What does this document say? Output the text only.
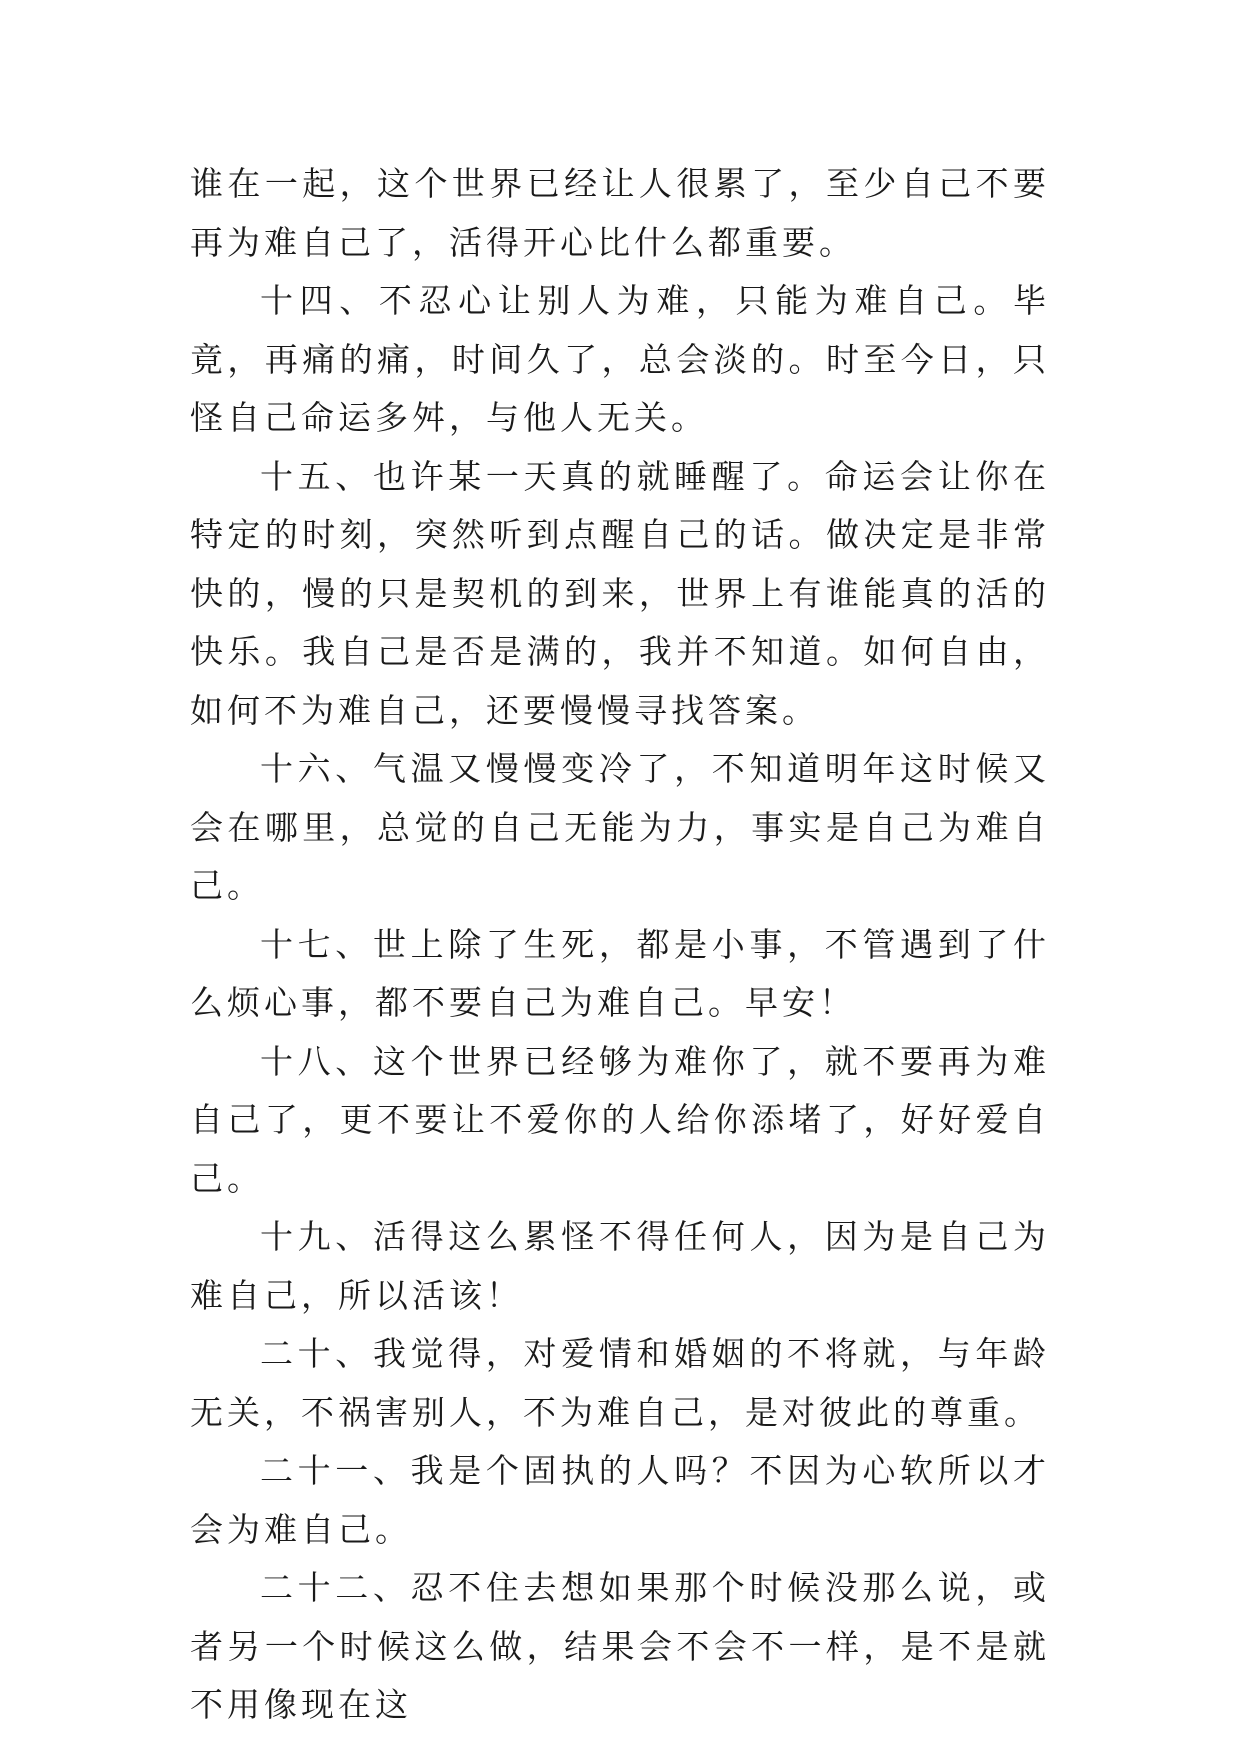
谁在一起，这个世界已经让人很累了，至少自己不要再为难自己了，活得开心比什么都重要。

十四、不忍心让别人为难，只能为难自己。毕竟，再痛的痛，时间久了，总会淡的。时至今日，只怪自己命运多舛，与他人无关。

十五、也许某一天真的就睡醒了。命运会让你在特定的时刻，突然听到点醒自己的话。做决定是非常快的，慢的只是契机的到来，世界上有谁能真的活的快乐。我自己是否是满的，我并不知道。如何自由，如何不为难自己，还要慢慢寻找答案。

十六、气温又慢慢变冷了，不知道明年这时候又会在哪里，总觉的自己无能为力，事实是自己为难自己。

十七、世上除了生死，都是小事，不管遇到了什么烦心事，都不要自己为难自己。早安！

十八、这个世界已经够为难你了，就不要再为难自己了，更不要让不爱你的人给你添堵了，好好爱自己。

十九、活得这么累怪不得任何人，因为是自己为难自己，所以活该！

二十、我觉得，对爱情和婚姻的不将就，与年龄无关，不祸害别人，不为难自己，是对彼此的尊重。

二十一、我是个固执的人吗？不因为心软所以才会为难自己。

二十二、忍不住去想如果那个时候没那么说，或者另一个时候这么做，结果会不会不一样，是不是就不用像现在这
